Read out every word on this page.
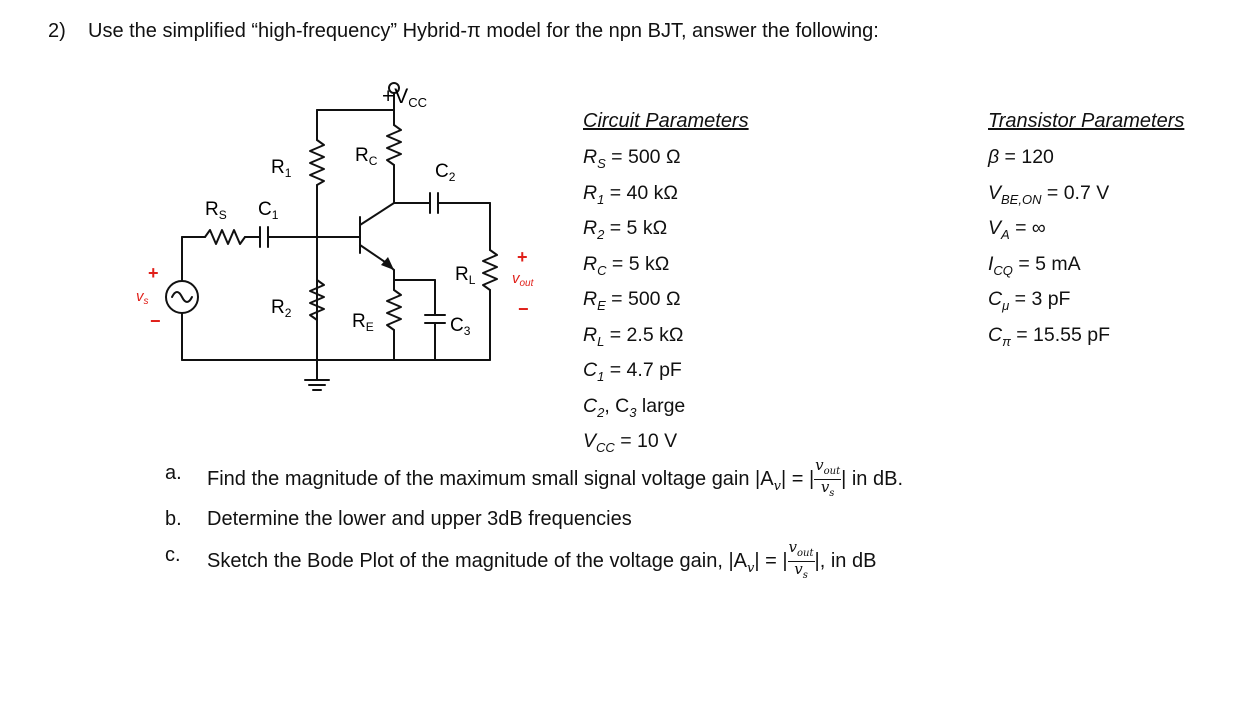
2) Use the simplified “high-frequency” Hybrid-π model for the npn BJT, answer the following:
+VCC
$R_1$
$R_C$	$C_2$
$R_S$ $C_1$
$R_L$
$R_2$	$R_E$	$C_3$
+
$v_s$
−
+
$v_{out}$
−
Circuit Parameters
$R_S = 500$ Ω
$R_1 = 40$ kΩ
$R_2 = 5$ kΩ
$R_C = 5$ kΩ
$R_E = 500$ Ω
$R_L = 2.5$ kΩ
$C_1 = 4.7$ pF
$C_2$, $C_3$ large
$V_{CC} = 10$ V
Transistor Parameters
β = 120
$V_{BE,ON} = 0.7$ V
$V_A$ = ∞
$I_{CQ} = 5$ mA
$C_\mu = 3$ pF
$C_\pi = 15.55$ pF
a. Find the magnitude of the maximum small signal voltage gain $|A_v|$ = | $\frac{v_{out}}{v_s}$ | in dB.
b. Determine the lower and upper 3dB frequencies
c. Sketch the Bode Plot of the magnitude of the voltage gain, $|A_v|$ = | $\frac{v_{out}}{v_s}$ |, in dB
